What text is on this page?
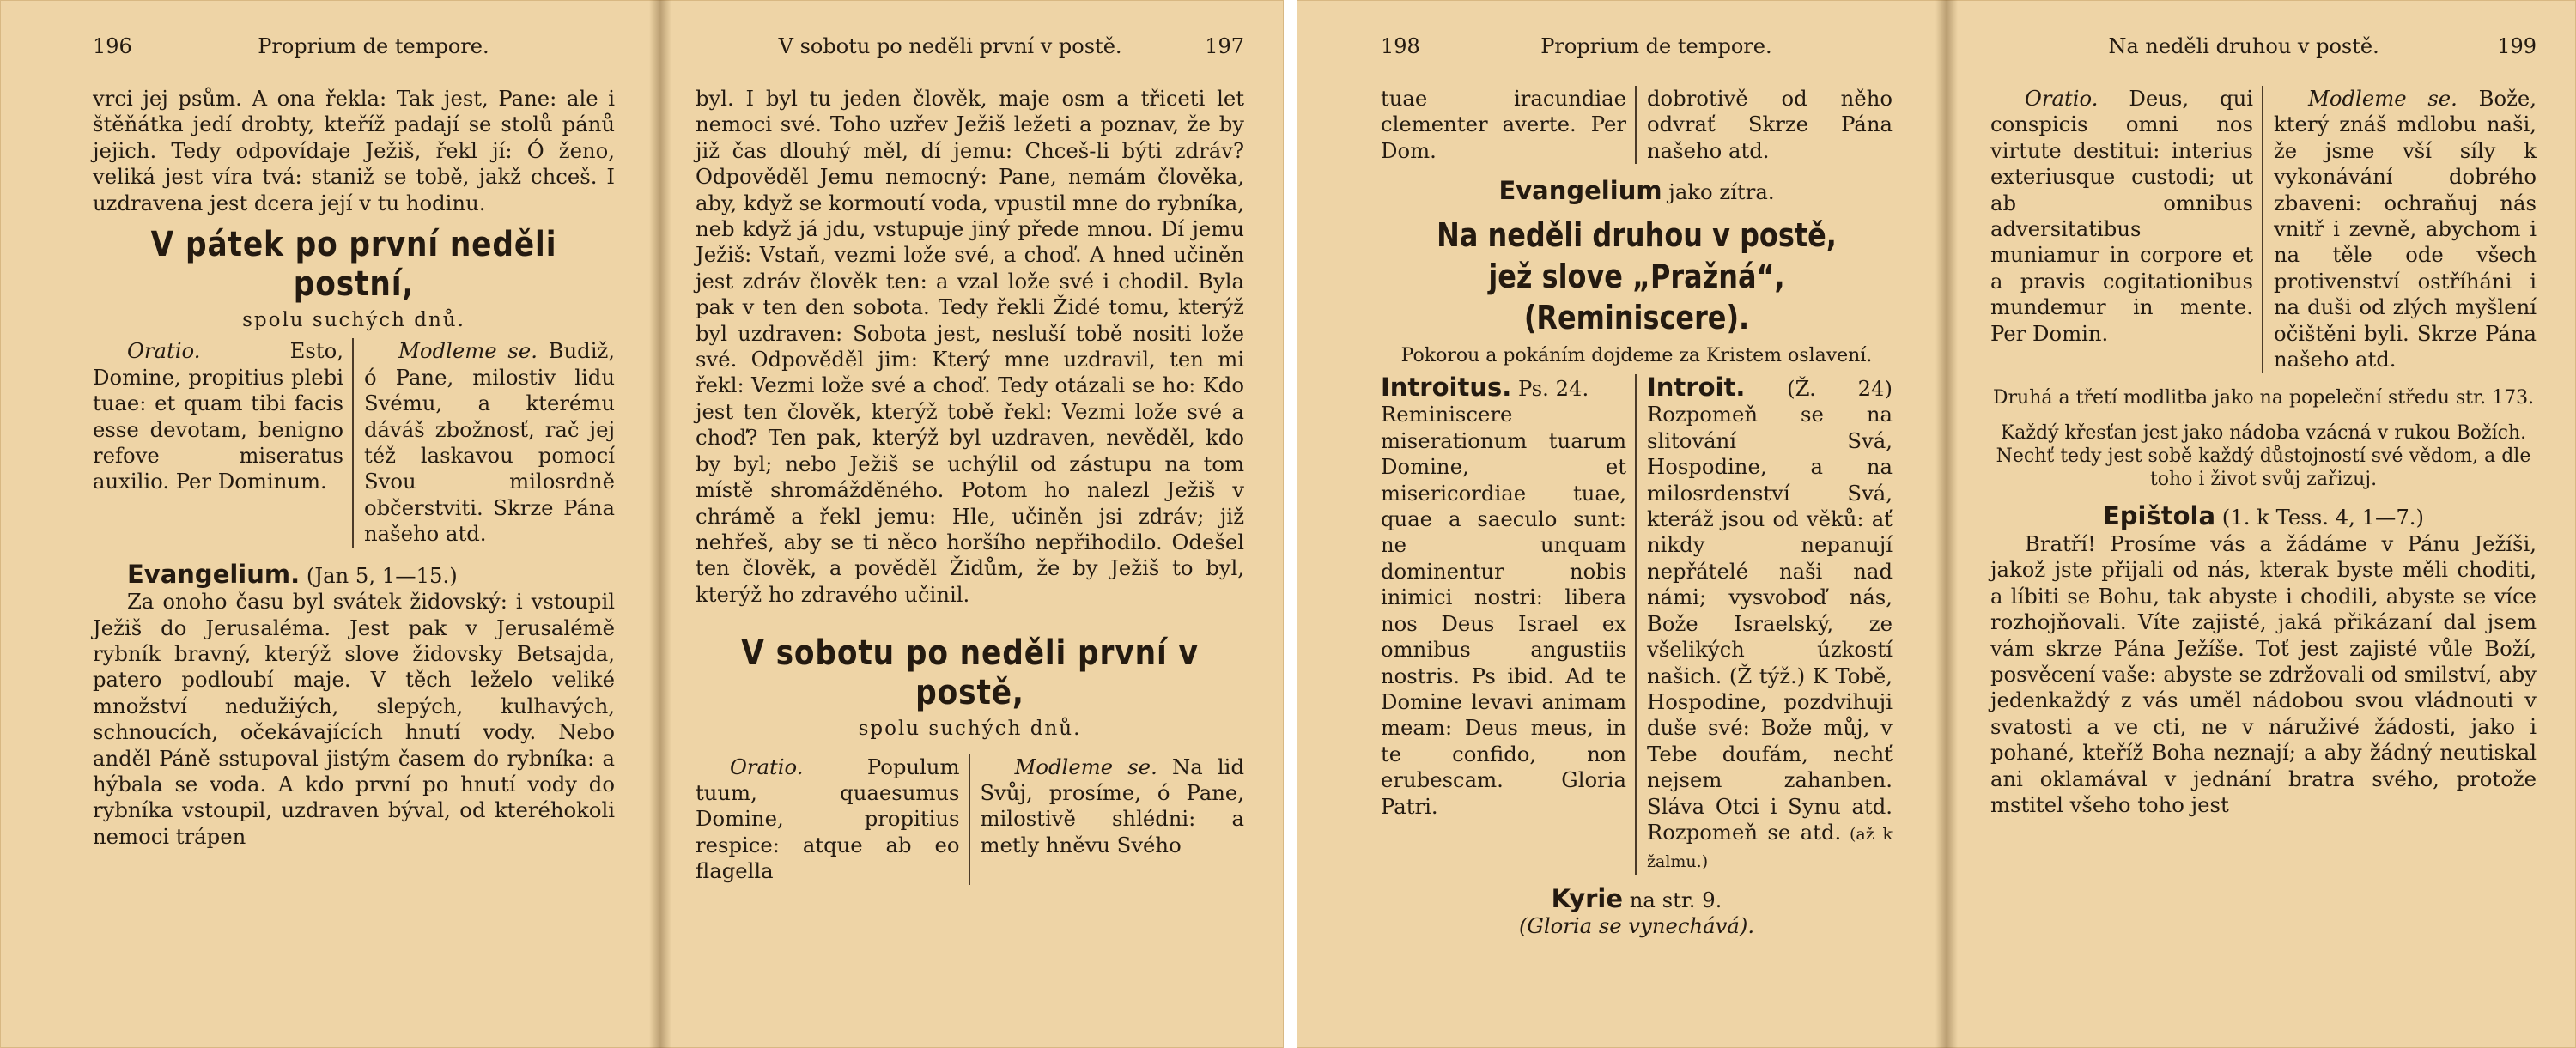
196	Proprium de tempore.

vrci jej psům. A ona řekla: Tak jest, Pane: ale i štěňátka jedí drobty, kteříž padají se stolů pánů jejich. Tedy odpovídaje Ježiš, řekl jí: Ó ženo, veliká jest víra tvá: staniž se tobě, jakž chceš. I uzdravena jest dcera její v tu hodinu.

V pátek po první neděli postní,
spolu suchých dnů.

Oratio. Esto, Domine, propitius plebi tuae: et quam tibi facis esse devotam, benigno refove miseratus auxilio. Per Dominum.

Modleme se. Budiž, ó Pane, milostiv lidu Svému, a kterému dáváš zbožnosť, rač jej též laskavou pomocí Svou milosrdně občerstviti. Skrze Pána našeho atd.

Evangelium. (Jan 5, 1—15.)

Za onoho času byl svátek židovský: i vstoupil Ježiš do Jerusaléma. Jest pak v Jerusalémě rybník bravný, kterýž slove židovsky Betsajda, patero podloubí maje. V těch leželo veliké množství nedužiých, slepých, kulhavých, schnoucích, očekávajících hnutí vody. Nebo anděl Páně sstupoval jistým časem do rybníka: a hýbala se voda. A kdo první po hnutí vody do rybníka vstoupil, uzdraven býval, od kteréhokoli nemoci trápen

V sobotu po neděli první v postě.	197

byl. I byl tu jeden člověk, maje osm a třiceti let nemoci své. Toho uzřev Ježiš ležeti a poznav, že by již čas dlouhý měl, dí jemu: Chceš-li býti zdráv? Odpověděl Jemu nemocný: Pane, nemám člověka, aby, když se kormoutí voda, vpustil mne do rybníka, neb když já jdu, vstupuje jiný přede mnou. Dí jemu Ježiš: Vstaň, vezmi lože své, a choď. A hned učiněn jest zdráv člověk ten: a vzal lože své i chodil. Byla pak v ten den sobota. Tedy řekli Židé tomu, kterýž byl uzdraven: Sobota jest, nesluší tobě nositi lože své. Odpověděl jim: Který mne uzdravil, ten mi řekl: Vezmi lože své a choď. Tedy otázali se ho: Kdo jest ten člověk, kterýž tobě řekl: Vezmi lože své a choď? Ten pak, kterýž byl uzdraven, nevěděl, kdo by byl; nebo Ježiš se uchýlil od zástupu na tom místě shromážděného. Potom ho nalezl Ježiš v chrámě a řekl jemu: Hle, učiněn jsi zdráv; již nehřeš, aby se ti něco horšího nepřihodilo. Odešel ten člověk, a pověděl Židům, že by Ježiš to byl, kterýž ho zdravého učinil.

V sobotu po neděli první v postě,
spolu suchých dnů.

Oratio. Populum tuum, quaesumus Domine, propitius respice: atque ab eo flagella

Modleme se. Na lid Svůj, prosíme, ó Pane, milostivě shlédni: a metly hněvu Svého

198	Proprium de tempore.
tuae iracundiae clementer averte. Per Dom.
dobrotivě od něho odvrať Skrze Pána našeho atd.

Evangelium jako zítra.

Na neděli druhou v postě, jež slove „Pražná“, (Reminiscere).

Pokorou a pokáním dojdeme za Kristem oslavení.

Introitus. Ps. 24.

Reminiscere miserationum tuarum Domine, et misericordiae tuae, quae a saeculo sunt: ne unquam dominentur nobis inimici nostri: libera nos Deus Israel ex omnibus angustiis nostris. Ps ibid. Ad te Domine levavi animam meam: Deus meus, in te confido, non erubescam. Gloria Patri.

Introit. (Ž. 24) Rozpomeň se na slitování Svá, Hospodine, a na milosrdenství Svá, kteráž jsou od věků: ať nikdy nepanují nepřátelé naši nad námi; vysvoboď nás, Bože Israelský, ze všelikých úzkostí našich. (Ž týž.) K Tobě, Hospodine, pozdvihuji duše své: Bože můj, v Tebe doufám, nechť nejsem zahanben. Sláva Otci i Synu atd. Rozpomeň se atd. (až k žalmu.)

Kyrie na str. 9.

(Gloria se vynechává).

Na neděli druhou v postě.	199

Oratio. Deus, qui conspicis omni nos virtute destitui: interius exteriusque custodi; ut ab omnibus adversitatibus muniamur in corpore et a pravis cogitationibus mundemur in mente. Per Domin.

Modleme se. Bože, který znáš mdlobu naši, že jsme vší síly k vykonávání dobrého zbaveni: ochraňuj nás vnitř i zevně, abychom i na těle ode všech protivenství ostříháni i na duši od zlých myšlení očištěni byli. Skrze Pána našeho atd.

Druhá a třetí modlitba jako na popeleční středu str. 173.

Každý křesťan jest jako nádoba vzácná v rukou Božích. Nechť tedy jest sobě každý důstojností své vědom, a dle toho i život svůj zařizuj.

Epištola (1. k Tess. 4, 1—7.)

Bratří! Prosíme vás a žádáme v Pánu Ježíši, jakož jste přijali od nás, kterak byste měli choditi, a líbiti se Bohu, tak abyste i chodili, abyste se více rozhojňovali. Víte zajisté, jaká přikázaní dal jsem vám skrze Pána Ježíše. Toť jest zajisté vůle Boží, posvěcení vaše: abyste se zdržovali od smilství, aby jedenkaždý z vás uměl nádobou svou vládnouti v svatosti a ve cti, ne v náruživé žádosti, jako i pohané, kteříž Boha neznají; a aby žádný neutiskal ani oklamával v jednání bratra svého, protože mstitel všeho toho jest
